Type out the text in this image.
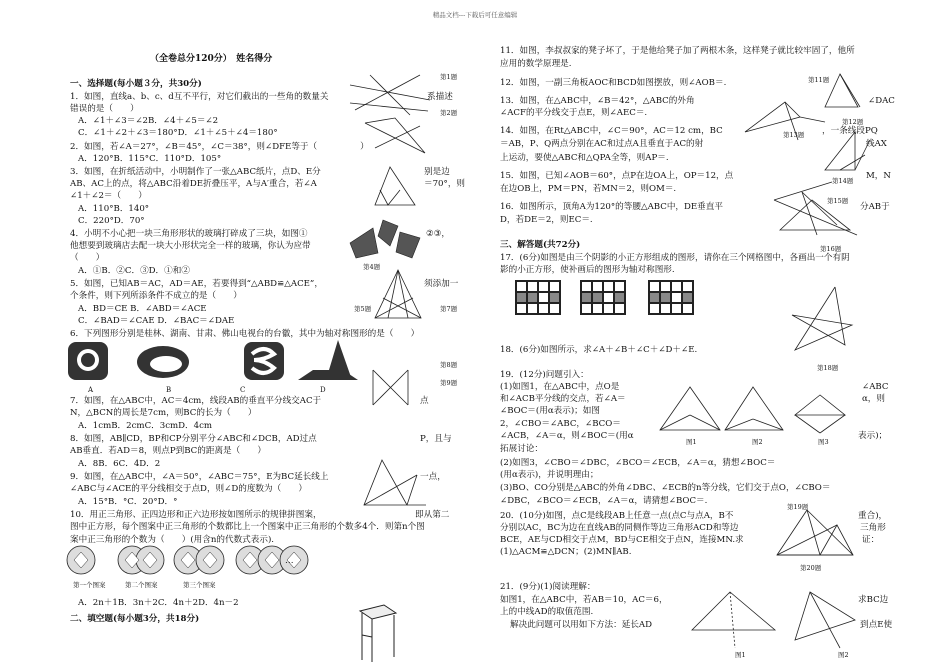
精品文档---下载后可任意编辑
（全卷总分120分）　姓名得分
一、选择题(每小题３分，共30分)
1．如图，直线a、b、c、d互不平行，对它们截出的一些角的数量关
错误的是（　　）
A．∠1＋∠3＝∠2B．∠4＋∠5＝∠2
C．∠1＋∠2＋∠3＝180°D．∠1＋∠5＋∠4＝180°
2．如图，若∠A＝27°，∠B＝45°，∠C＝38°，则∠DFE等于（　　　　　）
A．120°B．115°C．110°D．105°
3．如图，在折纸活动中，小明制作了一张△ABC纸片，点D、E分
AB、AC上的点，将△ABC沿着DE折叠压平，A与A′重合，若∠A
∠1＋∠2＝（　　）
A．110°B．140°
C．220°D．70°
4．小明不小心把一块三角形形状的玻璃打碎成了三块，如图①
他想要到玻璃店去配一块大小形状完全一样的玻璃，你认为应带
（　　）
A．①B．②C．③D．①和②
5．如图，已知AB＝AC，AD＝AE，若要得到“△ABD≌△ACE”，
个条件，则下列所添条件不成立的是（　　）
A．BD＝CE B．∠ABD＝∠ACE
C．∠BAD＝∠CAE D．∠BAC＝∠DAE
6．下列图形分别是桂林、湖南、甘肃、佛山电视台的台徽，其中为轴对称图形的是（　　）
7．如图，在△ABC中，AC＝4cm，线段AB的垂直平分线交AC于
N，△BCN的周长是7cm，则BC的长为（　　）
A．1cmB．2cmC．3cmD．4cm
8．如图，AB∥CD，BP和CP分别平分∠ABC和∠DCB，AD过点
AB垂直．若AD＝8，则点P到BC的距离是（　　）
A．8B．6C．4D．2
9．如图，在△ABC中，∠A＝50°，∠ABC＝75°，E为BC延长线上
∠ABC与∠ACE的平分线相交于点D，则∠D的度数为（　　）
A．15°B．°C．20°D．°
10．用正三角形、正四边形和正六边形按如图所示的规律拼图案，
图中正方形，每个图案中正三角形的个数都比上一个图案中正三角形的个数多4个．则第n个图
案中正三角形的个数为（　　）(用含n的代数式表示).
A．2n＋1B．3n＋2C．4n＋2D．4n－2
二、填空题(每小题3分，共18分)
系描述
别是边
＝70°，则
②③，
须添加一
点
P，且与
一点，
即从第二
11．如图，李叔叔家的凳子坏了，于是他给凳子加了两根木条，这样凳子就比较牢固了，他所
应用的数学原理是.
12．如图，一副三角板AOC和BCD如图摆放，则∠AOB＝.
13．如图，在△ABC中，∠B＝42°，△ABC的外角
∠ACF的平分线交于点E，则∠AEC＝.
14．如图，在Rt△ABC中，∠C＝90°，AC＝12 cm，BC
＝AB，P、Q两点分别在AC和过点A且垂直于AC的射
上运动，要使△ABC和△QPA全等，则AP＝.
15．如图，已知∠AOB＝60°，点P在边OA上，OP＝12，点
在边OB上，PM＝PN，若MN＝2，则OM＝.
16．如图所示，顶角A为120°的等腰△ABC中，DE垂直平
D，若DE＝2，则EC＝.
三、解答题(共72分)
17．(6分)如图是由三个阴影的小正方形组成的图形，请你在三个网格图中，各画出一个有阴
影的小正方形，使补画后的图形为轴对称图形.
18．(6分)如图所示，求∠A＋∠B＋∠C＋∠D＋∠E.
19．(12分)问题引入：
(1)如图1，在△ABC中，点O是
和∠ACB平分线的交点，若∠A＝
∠BOC＝(用α表示)；如图
2，∠CBO＝∠ABC，∠BCO＝
∠ACB，∠A＝α，则∠BOC＝(用α
拓展讨论：
(2)如图3，∠CBO＝∠DBC，∠BCO＝∠ECB，∠A＝α，猜想∠BOC＝
(用α表示)，并说明理由；
(3)BO、CO分别是△ABC的外角∠DBC、∠ECB的n等分线，它们交于点O，∠CBO＝
∠DBC，∠BCO＝∠ECB，∠A＝α，请猜想∠BOC＝.
20．(10分)如图，点C是线段AB上任意一点(点C与点A，B不
分别以AC，BC为边在直线AB的同侧作等边三角形ACD和等边
BCE，AE与CD相交于点M，BD与CE相交于点N，连接MN.求
(1)△ACM≌△DCN；(2)MN∥AB.
21．(9分)(1)阅读理解：
如图1，在△ABC中，若AB＝10，AC＝6，
上的中线AD的取值范围.
解决此问题可以用如下方法：延长AD
∠DAC
，一条线段PQ
线AX
M，N
分AB于
∠ABC
α，则
表示)；
重合)，
三角形
证：
求BC边
到点E使
第1题
第2题
第4题
第5题	第7题
第8题
第9题
第一个图案	第二个图案	第三个图案
第11题
第12题
第13题
第14题
第15题
第16题
第18题
第19题
第20题
图1	图2	图3
图1	图2
A	B	C	D
…
